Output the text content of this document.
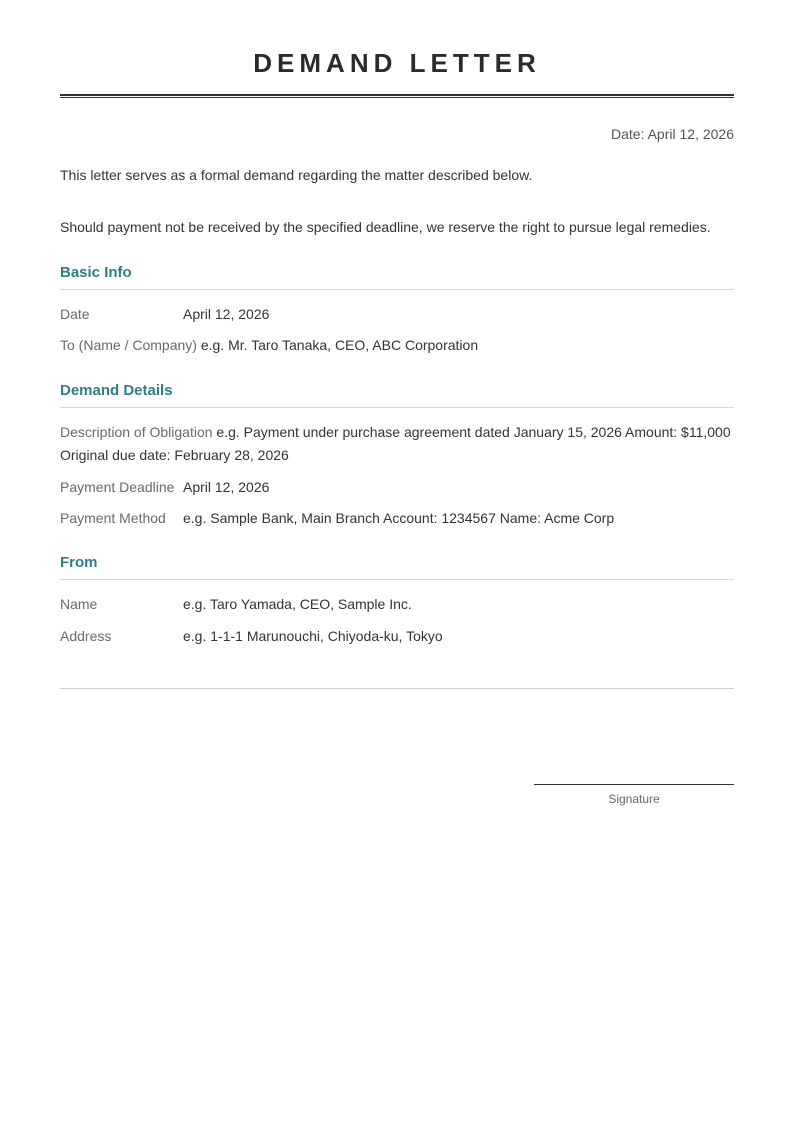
DEMAND LETTER
Date: April 12, 2026
This letter serves as a formal demand regarding the matter described below.
Should payment not be received by the specified deadline, we reserve the right to pursue legal remedies.
Basic Info
Date	April 12, 2026
To (Name / Company) e.g. Mr. Taro Tanaka, CEO, ABC Corporation
Demand Details
Description of Obligation e.g. Payment under purchase agreement dated January 15, 2026 Amount: $11,000 Original due date: February 28, 2026
Payment Deadline April 12, 2026
Payment Method e.g. Sample Bank, Main Branch Account: 1234567 Name: Acme Corp
From
Name	e.g. Taro Yamada, CEO, Sample Inc.
Address	e.g. 1-1-1 Marunouchi, Chiyoda-ku, Tokyo
Signature
